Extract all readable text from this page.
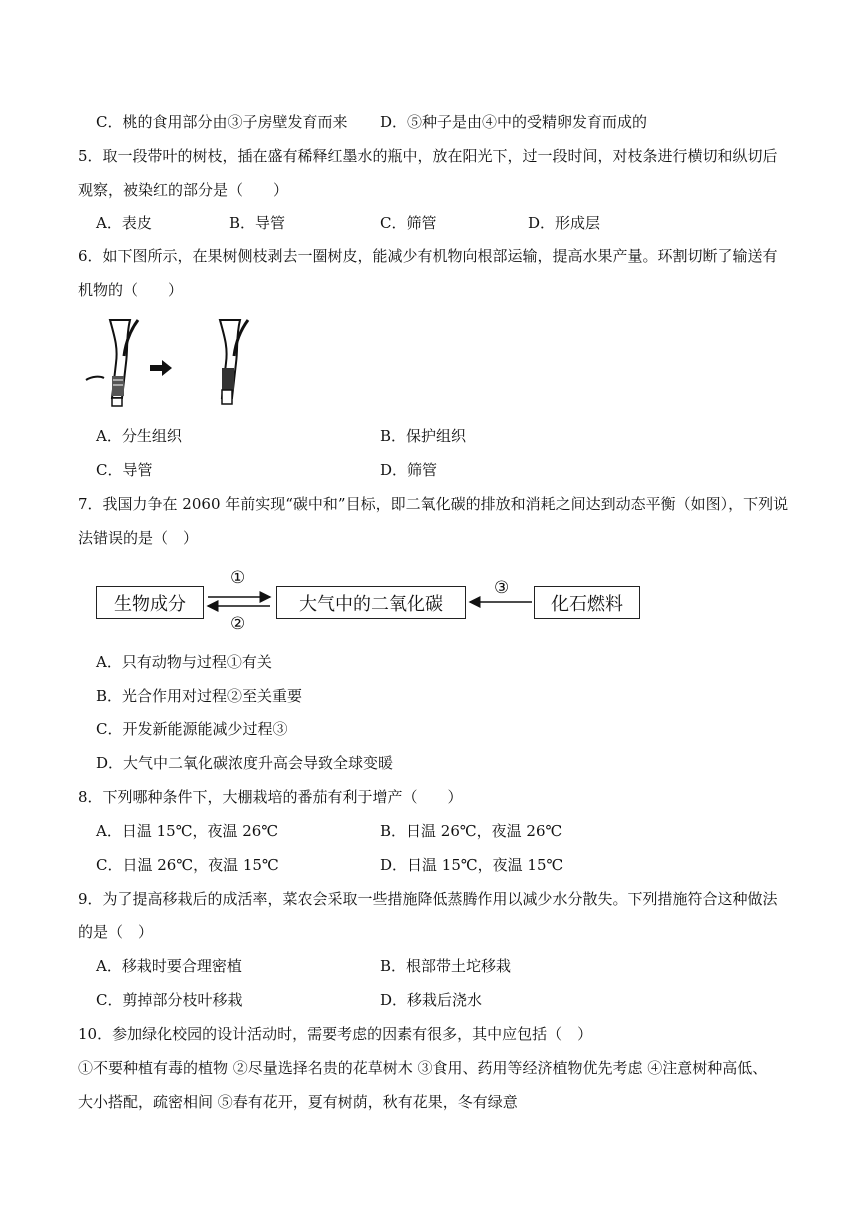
C．桃的食用部分由③子房壁发育而来 D．⑤种子是由④中的受精卵发育而成的
5．取一段带叶的树枝，插在盛有稀释红墨水的瓶中，放在阳光下，过一段时间，对枝条进行横切和纵切后
观察，被染红的部分是（　　）
A．表皮	B．导管	C．筛管	D．形成层
6．如下图所示，在果树侧枝剥去一圈树皮，能减少有机物向根部运输，提高水果产量。环割切断了输送有
机物的（　　）
A．分生组织	B．保护组织
C．导管	D．筛管
7．我国力争在 2060 年前实现“碳中和”目标，即二氧化碳的排放和消耗之间达到动态平衡（如图），下列说
法错误的是（　）
生物成分	大气中的二氧化碳	化石燃料
①
②
③
A．只有动物与过程①有关
B．光合作用对过程②至关重要
C．开发新能源能减少过程③
D．大气中二氧化碳浓度升高会导致全球变暖
8．下列哪种条件下，大棚栽培的番茄有利于增产（　　）
A．日温 15℃，夜温 26℃	B．日温 26℃，夜温 26℃
C．日温 26℃，夜温 15℃	D．日温 15℃，夜温 15℃
9．为了提高移栽后的成活率，菜农会采取一些措施降低蒸腾作用以减少水分散失。下列措施符合这种做法
的是（　）
A．移栽时要合理密植	B．根部带土坨移栽
C．剪掉部分枝叶移栽	D．移栽后浇水
10．参加绿化校园的设计活动时，需要考虑的因素有很多，其中应包括（　）
①不要种植有毒的植物 ②尽量选择名贵的花草树木 ③食用、药用等经济植物优先考虑 ④注意树种高低、
大小搭配，疏密相间 ⑤春有花开，夏有树荫，秋有花果，冬有绿意
